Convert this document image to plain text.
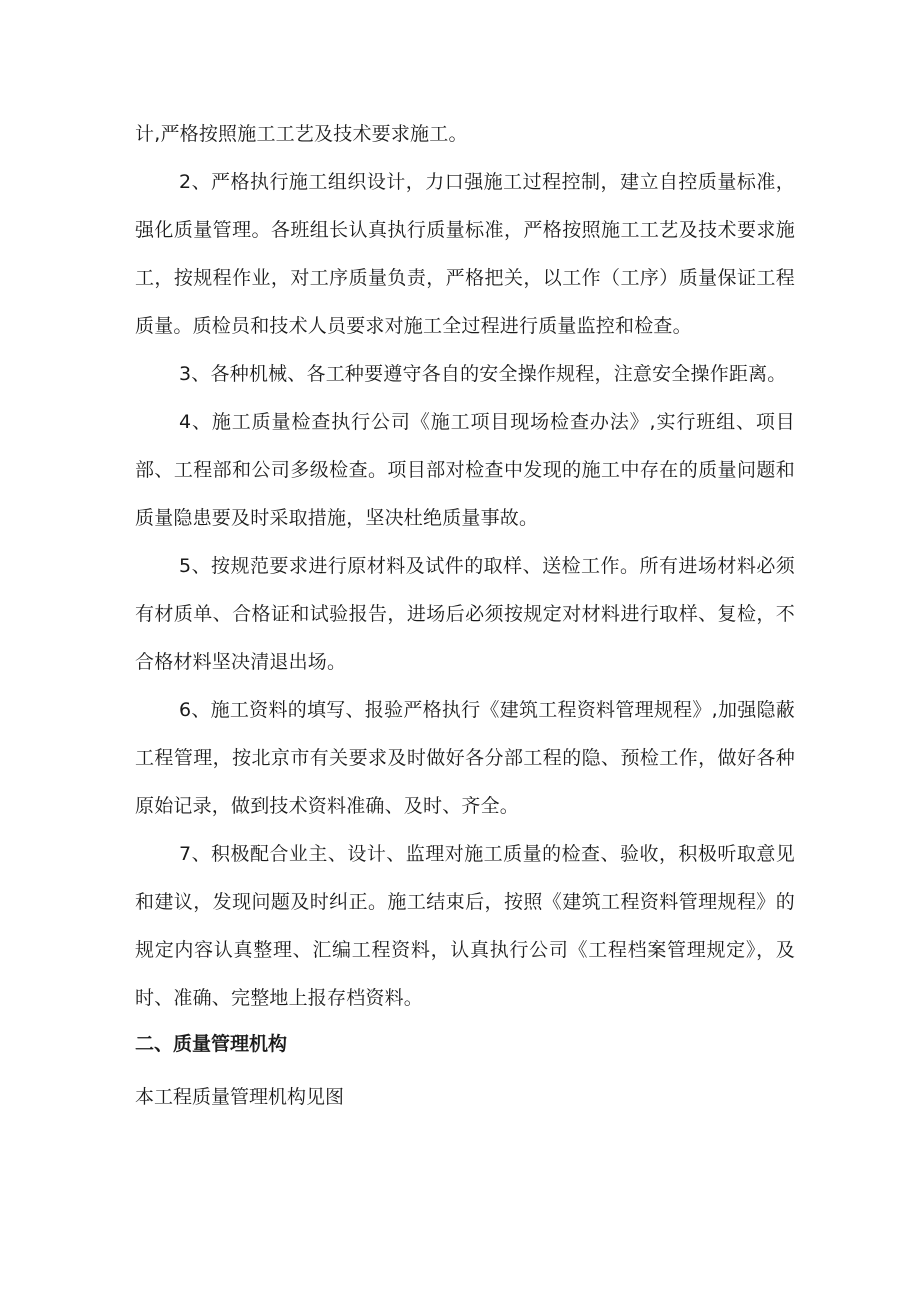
计,严格按照施工工艺及技术要求施工。

2、严格执行施工组织设计，力口强施工过程控制，建立自控质量标准，强化质量管理。各班组长认真执行质量标准，严格按照施工工艺及技术要求施工，按规程作业，对工序质量负责，严格把关，以工作（工序）质量保证工程质量。质检员和技术人员要求对施工全过程进行质量监控和检查。

3、各种机械、各工种要遵守各自的安全操作规程，注意安全操作距离。

4、施工质量检查执行公司《施工项目现场检查办法》,实行班组、项目部、工程部和公司多级检查。项目部对检查中发现的施工中存在的质量问题和质量隐患要及时采取措施，坚决杜绝质量事故。

5、按规范要求进行原材料及试件的取样、送检工作。所有进场材料必须有材质单、合格证和试验报告，进场后必须按规定对材料进行取样、复检，不合格材料坚决清退出场。

6、施工资料的填写、报验严格执行《建筑工程资料管理规程》,加强隐蔽工程管理，按北京市有关要求及时做好各分部工程的隐、预检工作，做好各种原始记录，做到技术资料准确、及时、齐全。

7、积极配合业主、设计、监理对施工质量的检查、验收，积极听取意见和建议，发现问题及时纠正。施工结束后，按照《建筑工程资料管理规程》的规定内容认真整理、汇编工程资料，认真执行公司《工程档案管理规定》，及时、准确、完整地上报存档资料。

二、质量管理机构

本工程质量管理机构见图
